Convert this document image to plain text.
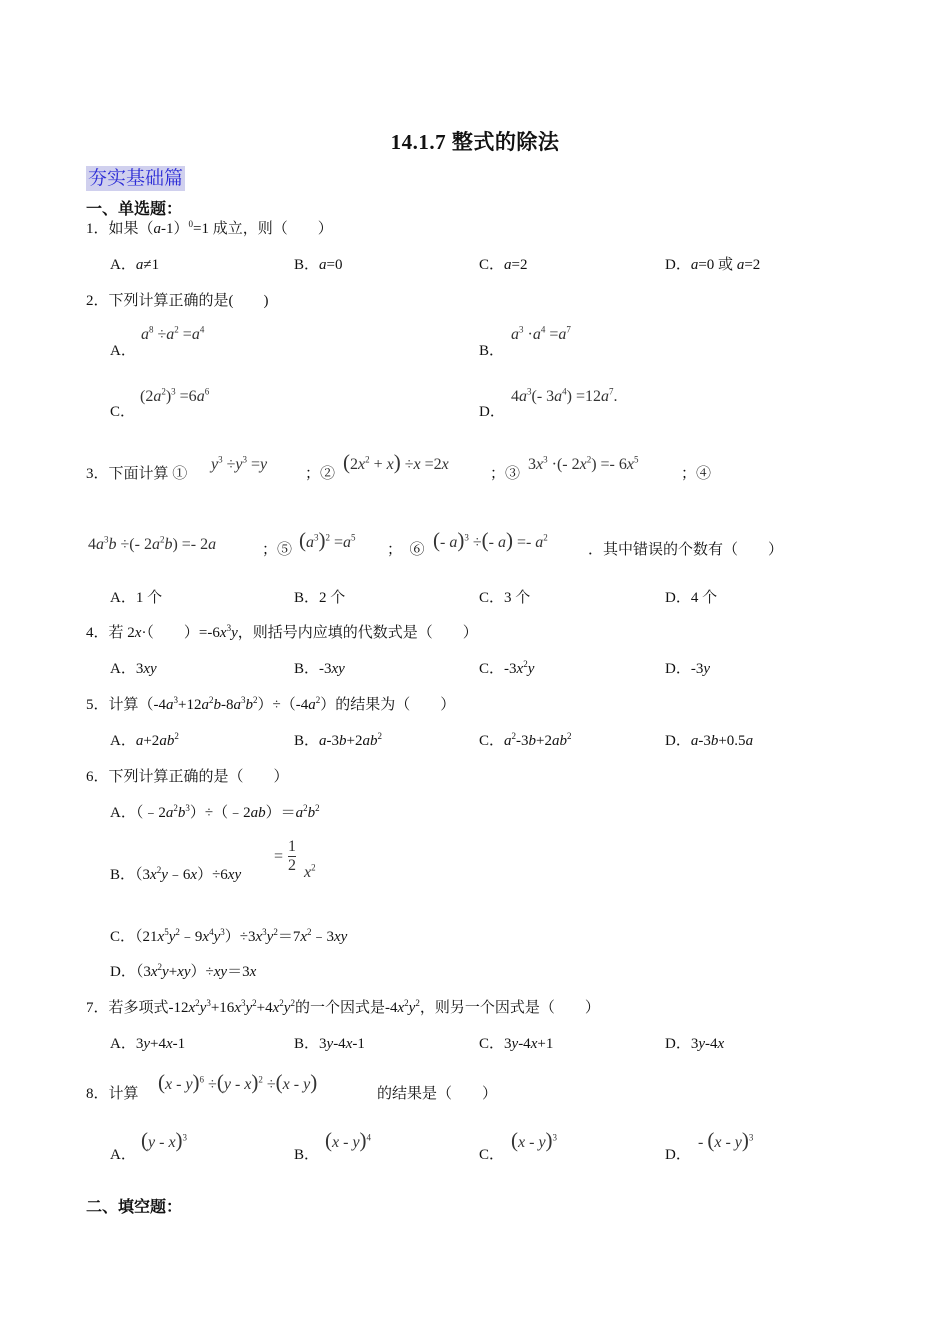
14.1.7 整式的除法
夯实基础篇
一、单选题：
1．如果$(a-1)^0=1$ 成立，则（　　）
A．a≠1	B．a=0	C．a=2	D．a=0 或 a=2
2．下列计算正确的是(　　)
A．
$a^8 \div a^2 =a^4$
B．
$a^3 \cdot a^4 =a^7$
C．
$(2a^2)^3 =6a^6$
D．
$4a^3(-$ $3a^4) =12a^7$.
3．下面计算 ①
$y^3 \div y^3 =y$
；② $(2x^2 + x) \div x =2x$
；③
$3x^3$ ·(- $2x^2) =- 6x^5$
；④
$4a^3b$ ÷(- $2a^2b) =- 2a$	；⑤ $(a^3)^2 =a^5$
；　⑥ (- a)$^3$ ÷(- $a) =- a^2$
．其中错误的个数有（　　）
A．1 个	B．2 个	C．3 个	D．4 个
4．若 2x·（　　）$=-6x^3y$，则括号内应填的代数式是（　　）
A．3xy	B．-3xy	C．$-3x^2y$	D．-3y
5．计算$(-4a^3+12a^2b-8a^3b^2)\div(-4a^2)$的结果为（　　）
A．$a+2ab^2$	B．$a-3b+2ab^2$	C．$a^2-3b+2ab^2$	D．a-3b+0.5a
6．下列计算正确的是（　　）
A．$(﹣2a^2b^3)\div(﹣2ab)=a^2b^2$
B．$(3x^2y﹣6x)\div 6xy$
= $\frac{1}{2} x^2$
C．$(21x^5y^2﹣9x^4y^3)\div 3x^3y^2=7x^2﹣3xy$
D．$(3x^2y+xy)\div xy=3x$
7．若多项式$-12x^2y^3+16x^3y^2+4x^2y^2$的一个因式是$-4x^2y^2$，则另一个因式是（　　）
A．3y+4x-1	B．3y-4x-1	C．3y-4x+1	D．3y-4x
8．计算 (x - y)$^6$ ÷(y - x)$^2$ ÷(x - y)	的结果是（　　）
A．
(y - x)$^3$
B．
(x - y)$^4$
C．
(x - y)$^3$
D．
- (x - y)$^3$
二、填空题：
